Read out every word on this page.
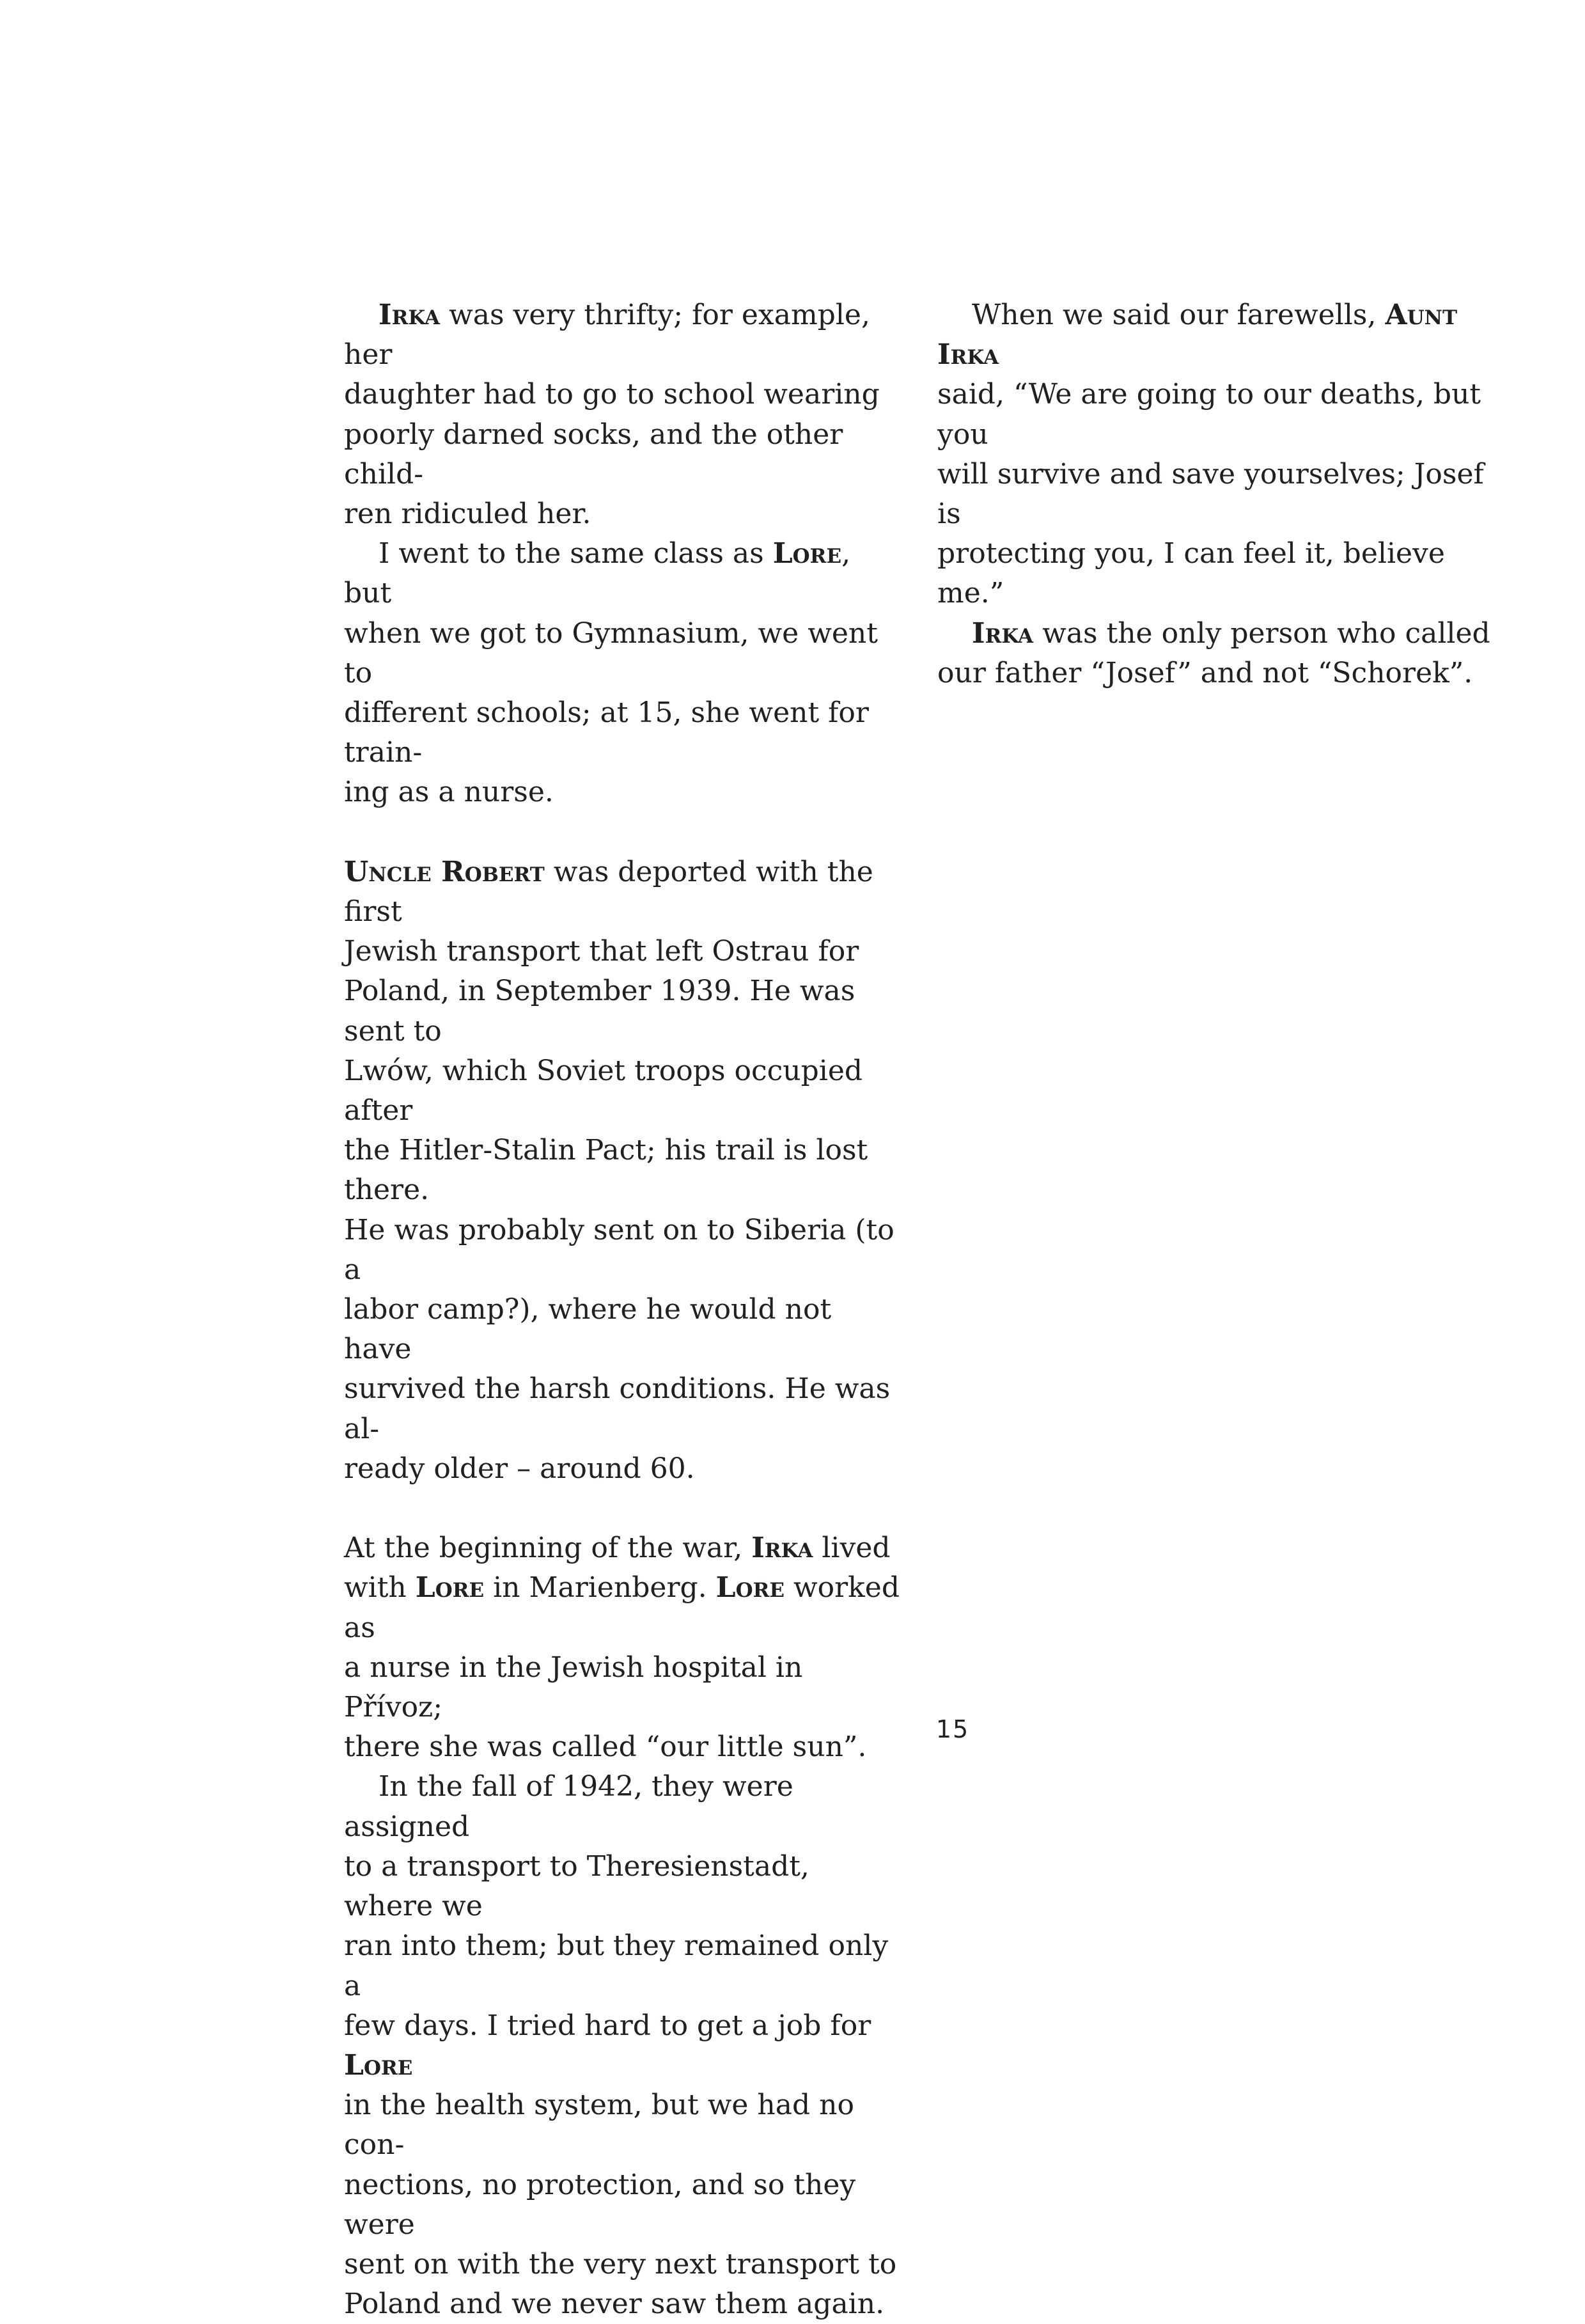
Irka was very thrifty; for example, her
daughter had to go to school wearing
poorly darned socks, and the other child-
ren ridiculed her.

I went to the same class as Lore, but
when we got to Gymnasium, we went to
different schools; at 15, she went for train-
ing as a nurse.

Uncle Robert was deported with the first
Jewish transport that left Ostrau for
Poland, in September 1939. He was sent to
Lwów, which Soviet troops occupied after
the Hitler-Stalin Pact; his trail is lost there.
He was probably sent on to Siberia (to a
labor camp?), where he would not have
survived the harsh conditions. He was al-
ready older – around 60.

At the beginning of the war, Irka lived
with Lore in Marienberg. Lore worked as
a nurse in the Jewish hospital in Přívoz;
there she was called “our little sun”.

In the fall of 1942, they were assigned
to a transport to Theresienstadt, where we
ran into them; but they remained only a
few days. I tried hard to get a job for Lore
in the health system, but we had no con-
nections, no protection, and so they were
sent on with the very next transport to
Poland and we never saw them again.

When we said our farewells, Aunt Irka
said, “We are going to our deaths, but you
will survive and save yourselves; Josef is
protecting you, I can feel it, believe me.”

Irka was the only person who called
our father “Josef” and not “Schorek”.

15
